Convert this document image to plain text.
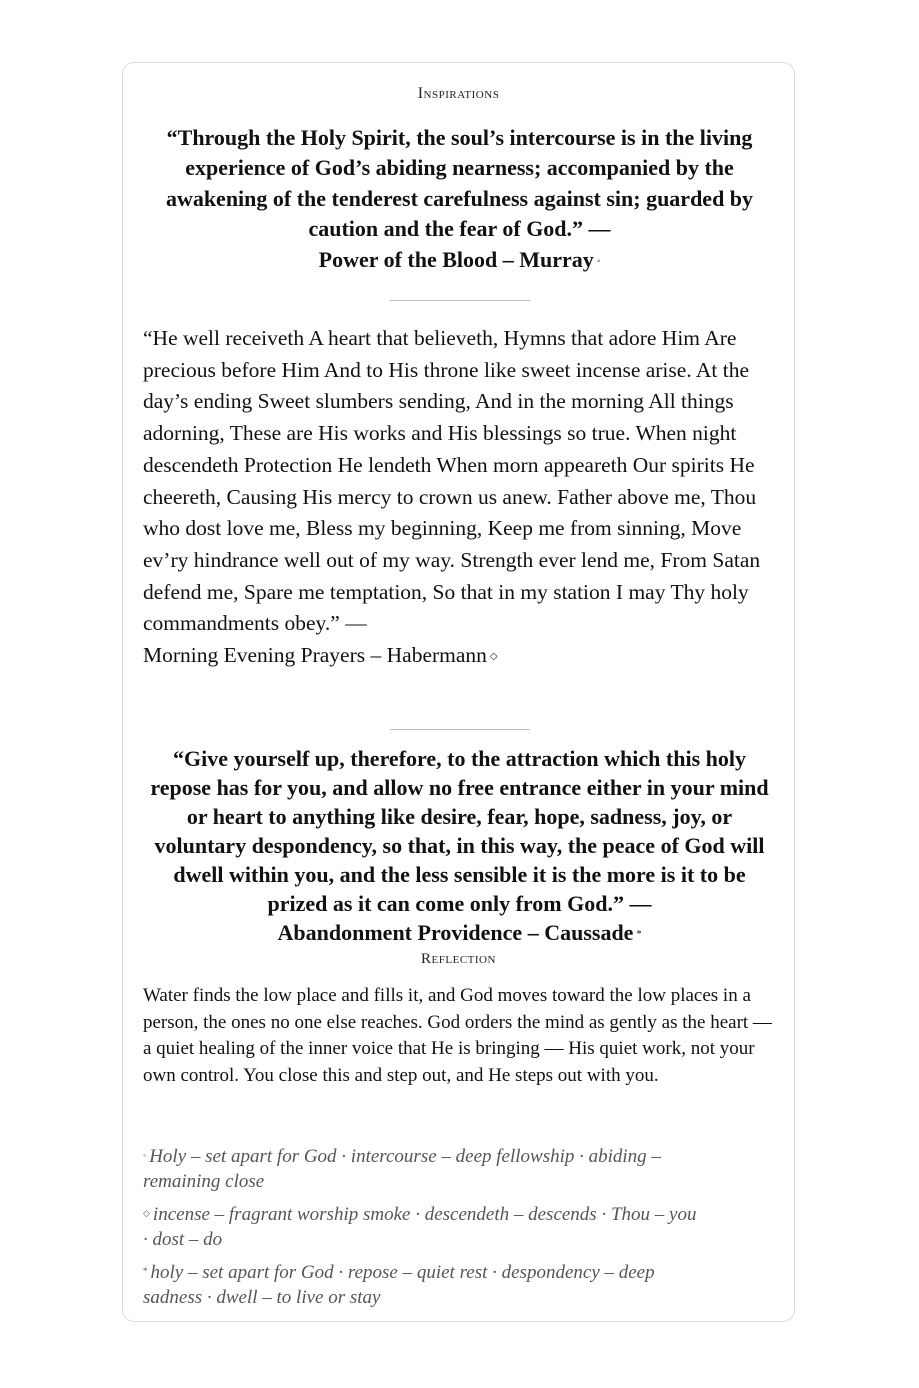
Inspirations
“Through the Holy Spirit, the soul’s intercourse is in the living experience of God’s abiding nearness; accompanied by the awakening of the tenderest carefulness against sin; guarded by caution and the fear of God.” —
Power of the Blood – Murray ◦
“He well receiveth A heart that believeth, Hymns that adore Him Are precious before Him And to His throne like sweet incense arise. At the day’s ending Sweet slumbers sending, And in the morning All things adorning, These are His works and His blessings so true. When night descendeth Protection He lendeth When morn appeareth Our spirits He cheereth, Causing His mercy to crown us anew. Father above me, Thou who dost love me, Bless my beginning, Keep me from sinning, Move ev’ry hindrance well out of my way. Strength ever lend me, From Satan defend me, Spare me temptation, So that in my station I may Thy holy commandments obey.” —
Morning Evening Prayers – Habermann ◇
“Give yourself up, therefore, to the attraction which this holy repose has for you, and allow no free entrance either in your mind or heart to anything like desire, fear, hope, sadness, joy, or voluntary despondency, so that, in this way, the peace of God will dwell within you, and the less sensible it is the more is it to be prized as it can come only from God.” —
Abandonment Providence – Caussade *
Reflection
Water finds the low place and fills it, and God moves toward the low places in a person, the ones no one else reaches. God orders the mind as gently as the heart — a quiet healing of the inner voice that He is bringing — His quiet work, not your own control. You close this and step out, and He steps out with you.
◦ Holy – set apart for God · intercourse – deep fellowship · abiding – remaining close
◇ incense – fragrant worship smoke · descendeth – descends · Thou – you · dost – do
* holy – set apart for God · repose – quiet rest · despondency – deep sadness · dwell – to live or stay
